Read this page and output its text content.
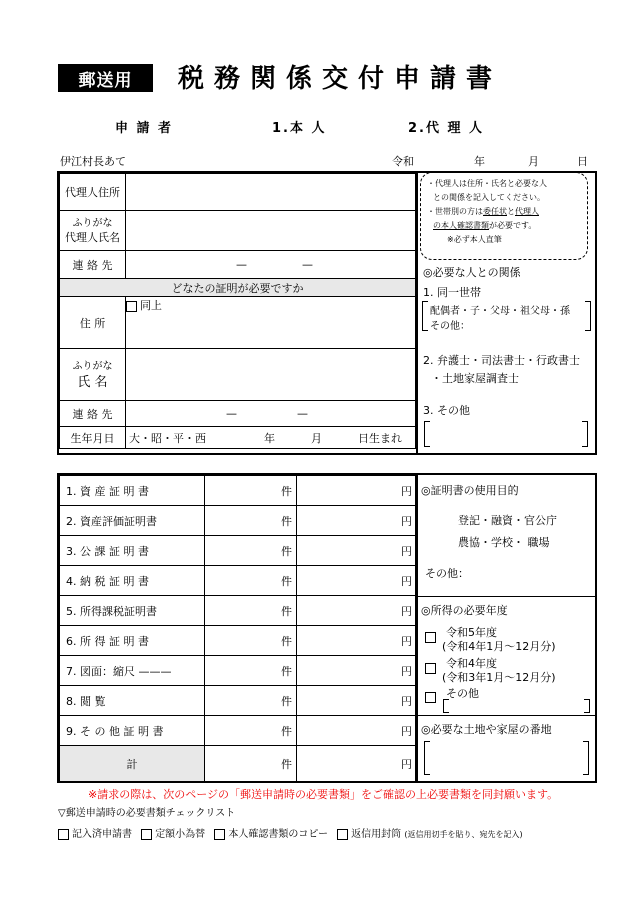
郵送用	税務関係交付申請書
申 請 者	1.本 人	2.代 理 人
伊江村長あて	令和	年	月	日
代理人住所	

ふりがな
代理人氏名	

連 絡 先	— —
どなたの証明が必要ですか	
住 所	同上

ふりがな
氏 名	

連 絡 先	— —
生年月日	大・昭・平・西 年 月 日生まれ
・代理人は住所・氏名と必要な人
との関係を記入してください。
・世帯別の方は委任状と代理人
の本人確認書類が必要です。
※必ず本人直筆
◎必要な人との関係
1. 同一世帯
配偶者・子・父母・祖父母・孫
その他：
2. 弁護士・司法書士・行政書士
・土地家屋調査士
3. その他
1. 資 産 証 明 書	件	円
2. 資産評価証明書	件	円
3. 公 課 証 明 書	件	円
4. 納 税 証 明 書	件	円
5. 所得課税証明書	件	円
6. 所 得 証 明 書	件	円
7. 図面：縮尺 ———	件	円
8. 閲 覧	件	円
9. そ の 他 証 明 書	件	円
計	件	円
◎証明書の使用目的
登記・融資・官公庁
農協・学校・ 職場
その他：
◎所得の必要年度
令和5年度
(令和4年1月～12月分)
令和4年度
(令和3年1月～12月分)
その他
◎必要な土地や家屋の番地
※請求の際は、次のページの「郵送申請時の必要書類」をご確認の上必要書類を同封願います。
▽郵送申請時の必要書類チェックリスト
記入済申請書 定額小為替 本人確認書類のコピー 返信用封筒 (返信用切手を貼り、宛先を記入)
